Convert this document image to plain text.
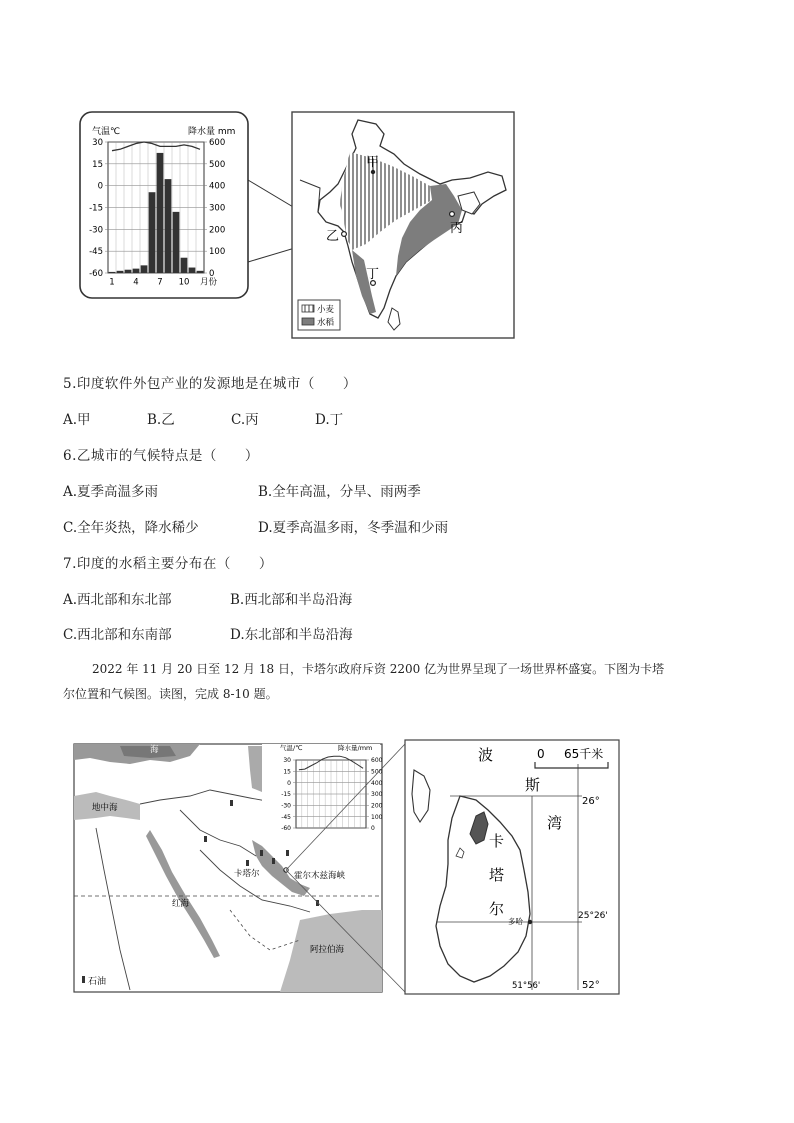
气温℃	降水量 mm
30	600
15	500
0	400
-15	300
-30	200
-45	100
-60	0
1 4 7 10 月份
甲
乙
丙
丁
小麦
水稻
5.印度软件外包产业的发源地是在城市（　　）
A.甲	B.乙	C.丙	D.丁
6.乙城市的气候特点是（　　）
A.夏季高温多雨	B.全年高温，分旱、雨两季
C.全年炎热，降水稀少	D.夏季高温多雨，冬季温和少雨
7.印度的水稻主要分布在（　　）
A.西北部和东北部	B.西北部和半岛沿海
C.西北部和东南部	D.东北部和半岛沿海
2022 年 11 月 20 日至 12 月 18 日，卡塔尔政府斥资 2200 亿为世界呈现了一场世界杯盛宴。下图为卡塔
尔位置和气候图。读图，完成 8-10 题。
海
地中海
卡塔尔	霍尔木兹海峡
红海
阿拉伯海
石油
气温/℃	降水量/mm
30	600
15	500
0	400
-15	300
-30	200
-45	100
-60	0
0 65千米
波
斯
湾
卡
塔
尔
多哈
26°
25°26'
51°56'	52°
